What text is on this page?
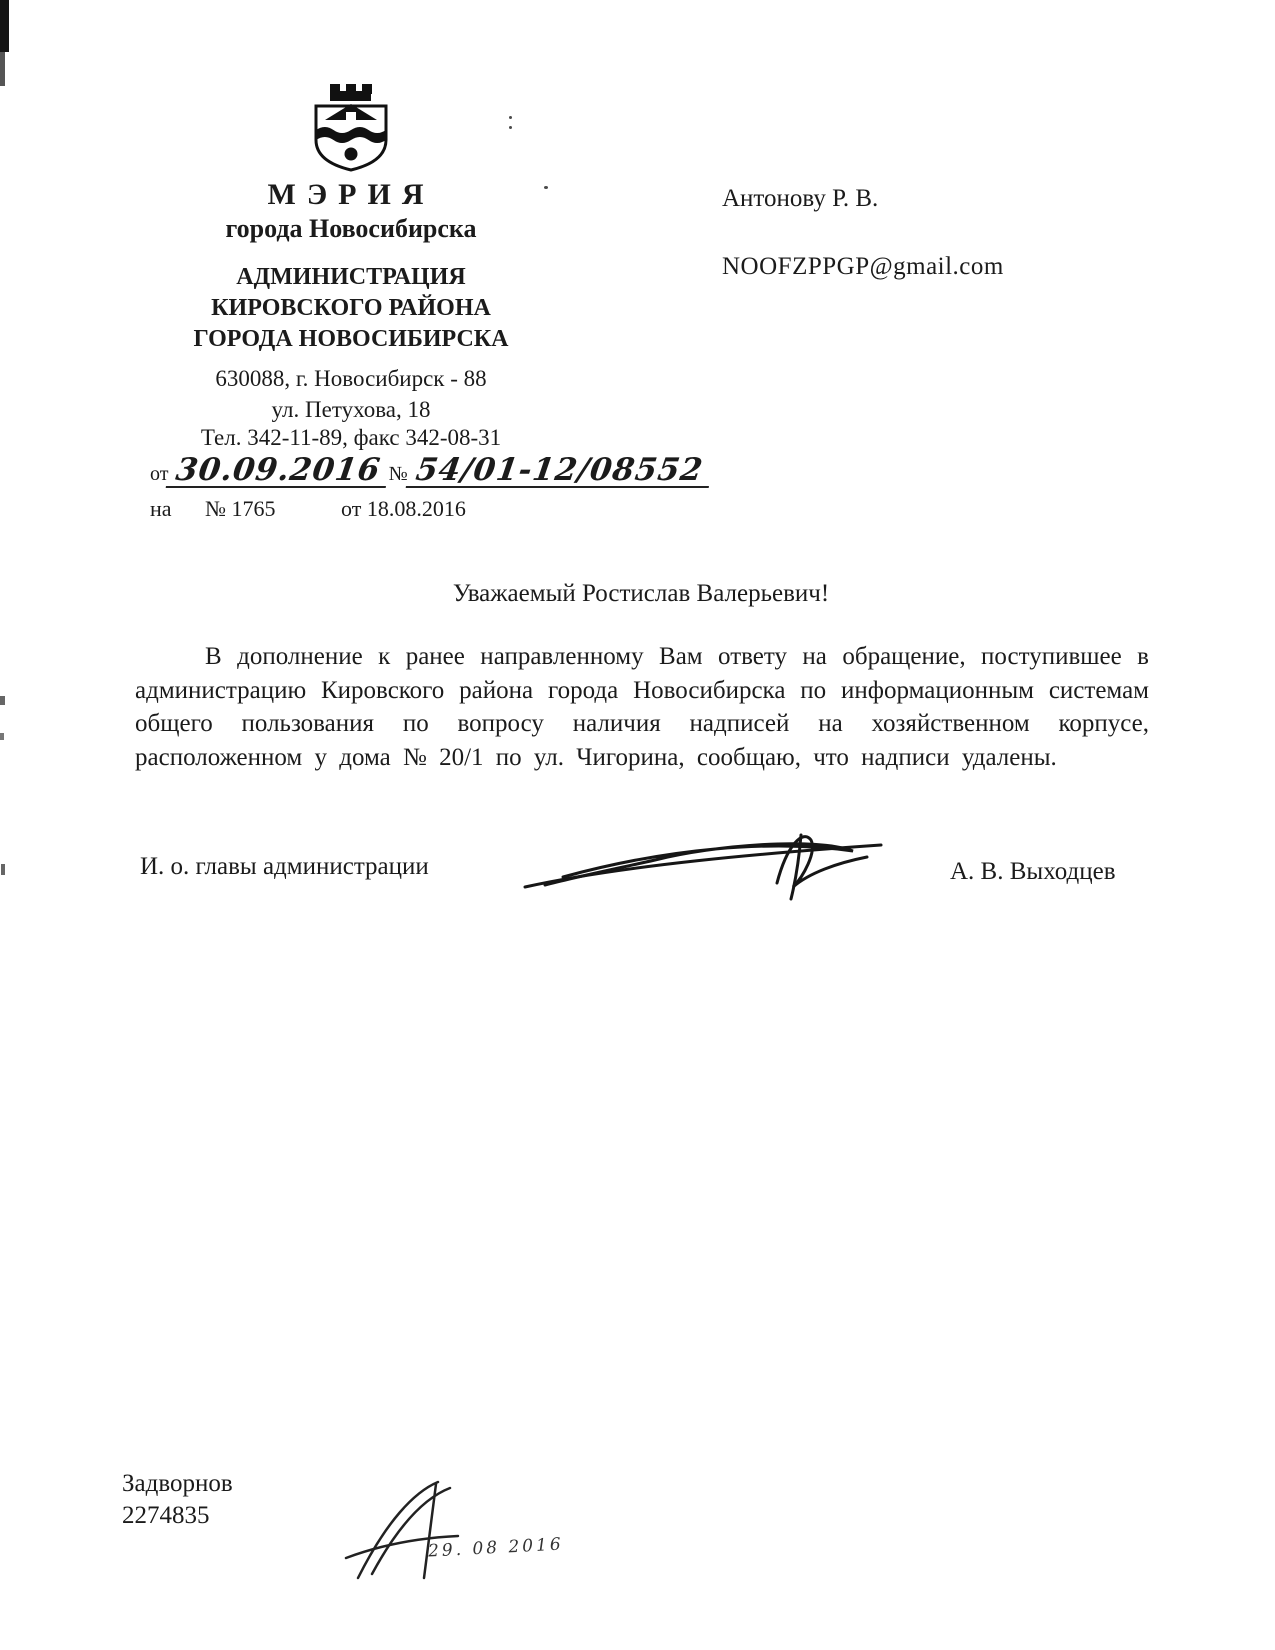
МЭРИЯ
города Новосибирска
АДМИНИСТРАЦИЯ
КИРОВСКОГО РАЙОНА
ГОРОДА НОВОСИБИРСКА
630088, г. Новосибирск - 88
ул. Петухова, 18
Тел. 342-11-89, факс 342-08-31
от 30.09.2016 № 54/01-12/08552
на № 1765	от 18.08.2016
Антонову Р. В.
NOOFZPPGP@gmail.com
Уважаемый Ростислав Валерьевич!

В дополнение к ранее направленному Вам ответу на обращение, поступившее в администрацию Кировского района города Новосибирска по информационным системам общего пользования по вопросу наличия надписей на хозяйственном корпусе, расположенном у дома № 20/1 по ул. Чигорина, сообщаю, что надписи удалены.

И. о. главы администрации	А. В. Выходцев
Задворнов
2274835
29. 08 2016
